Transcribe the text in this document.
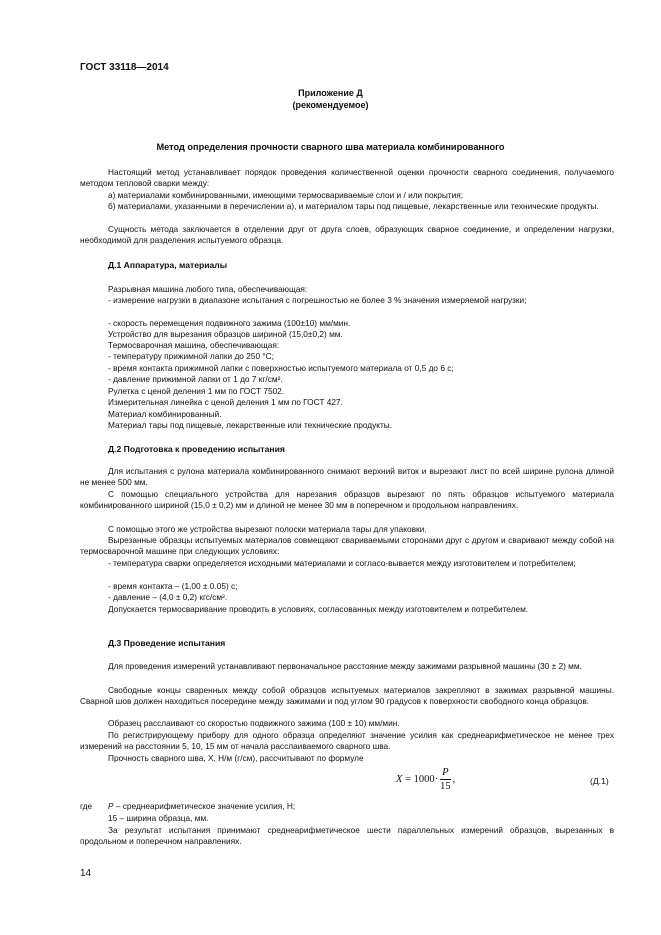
ГОСТ 33118—2014
Приложение Д
(рекомендуемое)
Метод определения прочности сварного шва материала комбинированного

Настоящий метод устанавливает порядок проведения количественной оценки прочности сварного соединения, получаемого методом тепловой сварки между:

а) материалами комбинированными, имеющими термосвариваемые слои и / или покрытия;

б) материалами, указанными в перечислении а), и материалом тары под пищевые, лекарственные или технические продукты.

Сущность метода заключается в отделении друг от друга слоев, образующих сварное соединение, и определении нагрузки, необходимой для разделения испытуемого образца.

Д.1 Аппаратура, материалы

Разрывная машина любого типа, обеспечивающая:

- измерение нагрузки в диапазоне испытания с погрешностью не более 3 % значения измеряемой нагрузки;

- скорость перемещения подвижного зажима (100±10) мм/мин.

Устройство для вырезания образцов шириной (15,0±0,2) мм.

Термосварочная машина, обеспечивающая:

- температуру прижимной лапки до 250 °С;

- время контакта прижимной лапки с поверхностью испытуемого материала от 0,5 до 6 с;

- давление прижимной лапки от 1 до 7 кг/см².

Рулетка с ценой деления 1 мм по ГОСТ 7502.

Измерительная линейка с ценой деления 1 мм по ГОСТ 427.

Материал комбинированный.

Материал тары под пищевые, лекарственные или технические продукты.

Д.2 Подготовка к проведению испытания

Для испытания с рулона материала комбинированного снимают верхний виток и вырезают лист по всей ширине рулона длиной не менее 500 мм.

С помощью специального устройства для нарезания образцов вырезают по пять образцов испытуемого материала комбинированного шириной (15,0 ± 0,2) мм и длиной не менее 30 мм в поперечном и продольном направлениях.

С помощью этого же устройства вырезают полоски материала тары для упаковки.

Вырезанные образцы испытуемых материалов совмещают свариваемыми сторонами друг с другом и сваривают между собой на термосварочной машине при следующих условиях:

- температура сварки определяется исходными материалами и согласо-вывается между изготовителем и потребителем;

- время контакта – (1,00 ± 0.05) с;

- давление – (4,0 ± 0,2) кгс/см².

Допускается термосваривание проводить в условиях, согласованных между изготовителем и потребителем.

Д.3 Проведение испытания

Для проведения измерений устанавливают первоначальное расстояние между зажимами разрывной машины (30 ± 2) мм.

Свободные концы сваренных между собой образцов испытуемых материалов закрепляют в зажимах разрывной машины. Сварной шов должен находиться посередине между зажимами и под углом 90 градусов к поверхности свободного конца образцов.

Образец расслаивают со скоростью подвижного зажима (100 ± 10) мм/мин.

По регистрирующему прибору для одного образца определяют значение усилия как среднеарифметическое не менее трех измерений на расстоянии 5, 10, 15 мм от начала расслаиваемого сварного шва.

Прочность сварного шва, X, Н/м (г/см), рассчитывают по формуле

$X = 1000\cdot \frac{P}{15}$ ,	(Д.1)
где P – среднеарифметическое значение усилия, Н;

15 – ширина образца, мм.

За результат испытания принимают среднеарифметическое шести параллельных измерений образцов, вырезанных в продольном и поперечном направлениях.

14
